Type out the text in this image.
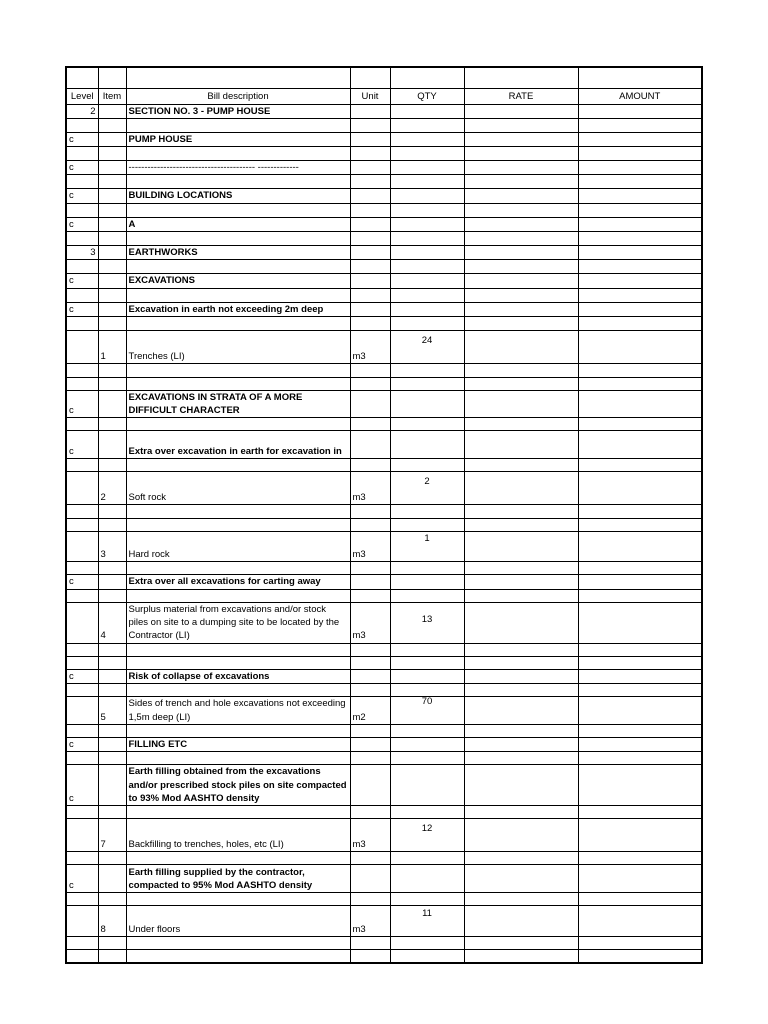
Level	Item	Bill description	Unit	QTY	RATE	AMOUNT
2		SECTION NO. 3 - PUMP HOUSE				

c		PUMP HOUSE				

c		---------------------------------------- -------------				

c		BUILDING LOCATIONS				

c		A				

3		EARTHWORKS				

c		EXCAVATIONS				

c		Excavation in earth not exceeding 2m deep				

	1	Trenches (LI)	m3	24		

c		EXCAVATIONS IN STRATA OF A MORE DIFFICULT CHARACTER				

c		Extra over excavation in earth for excavation in				

	2	Soft rock	m3	2		

	3	Hard rock	m3	1		

c		Extra over all excavations for carting away				

	4	Surplus material from excavations and/or stock piles on site to a dumping site to be located by the Contractor (LI)	m3	13		

c		Risk of collapse of excavations				

	5	Sides of trench and hole excavations not exceeding 1,5m deep (LI)	m2	70		

c		FILLING ETC				

c		Earth filling obtained from the excavations and/or prescribed stock piles on site compacted to 93% Mod AASHTO density				

	7	Backfilling to trenches, holes, etc (LI)	m3	12		

c		Earth filling supplied by the contractor, compacted to 95% Mod AASHTO density				

	8	Under floors	m3	11		
